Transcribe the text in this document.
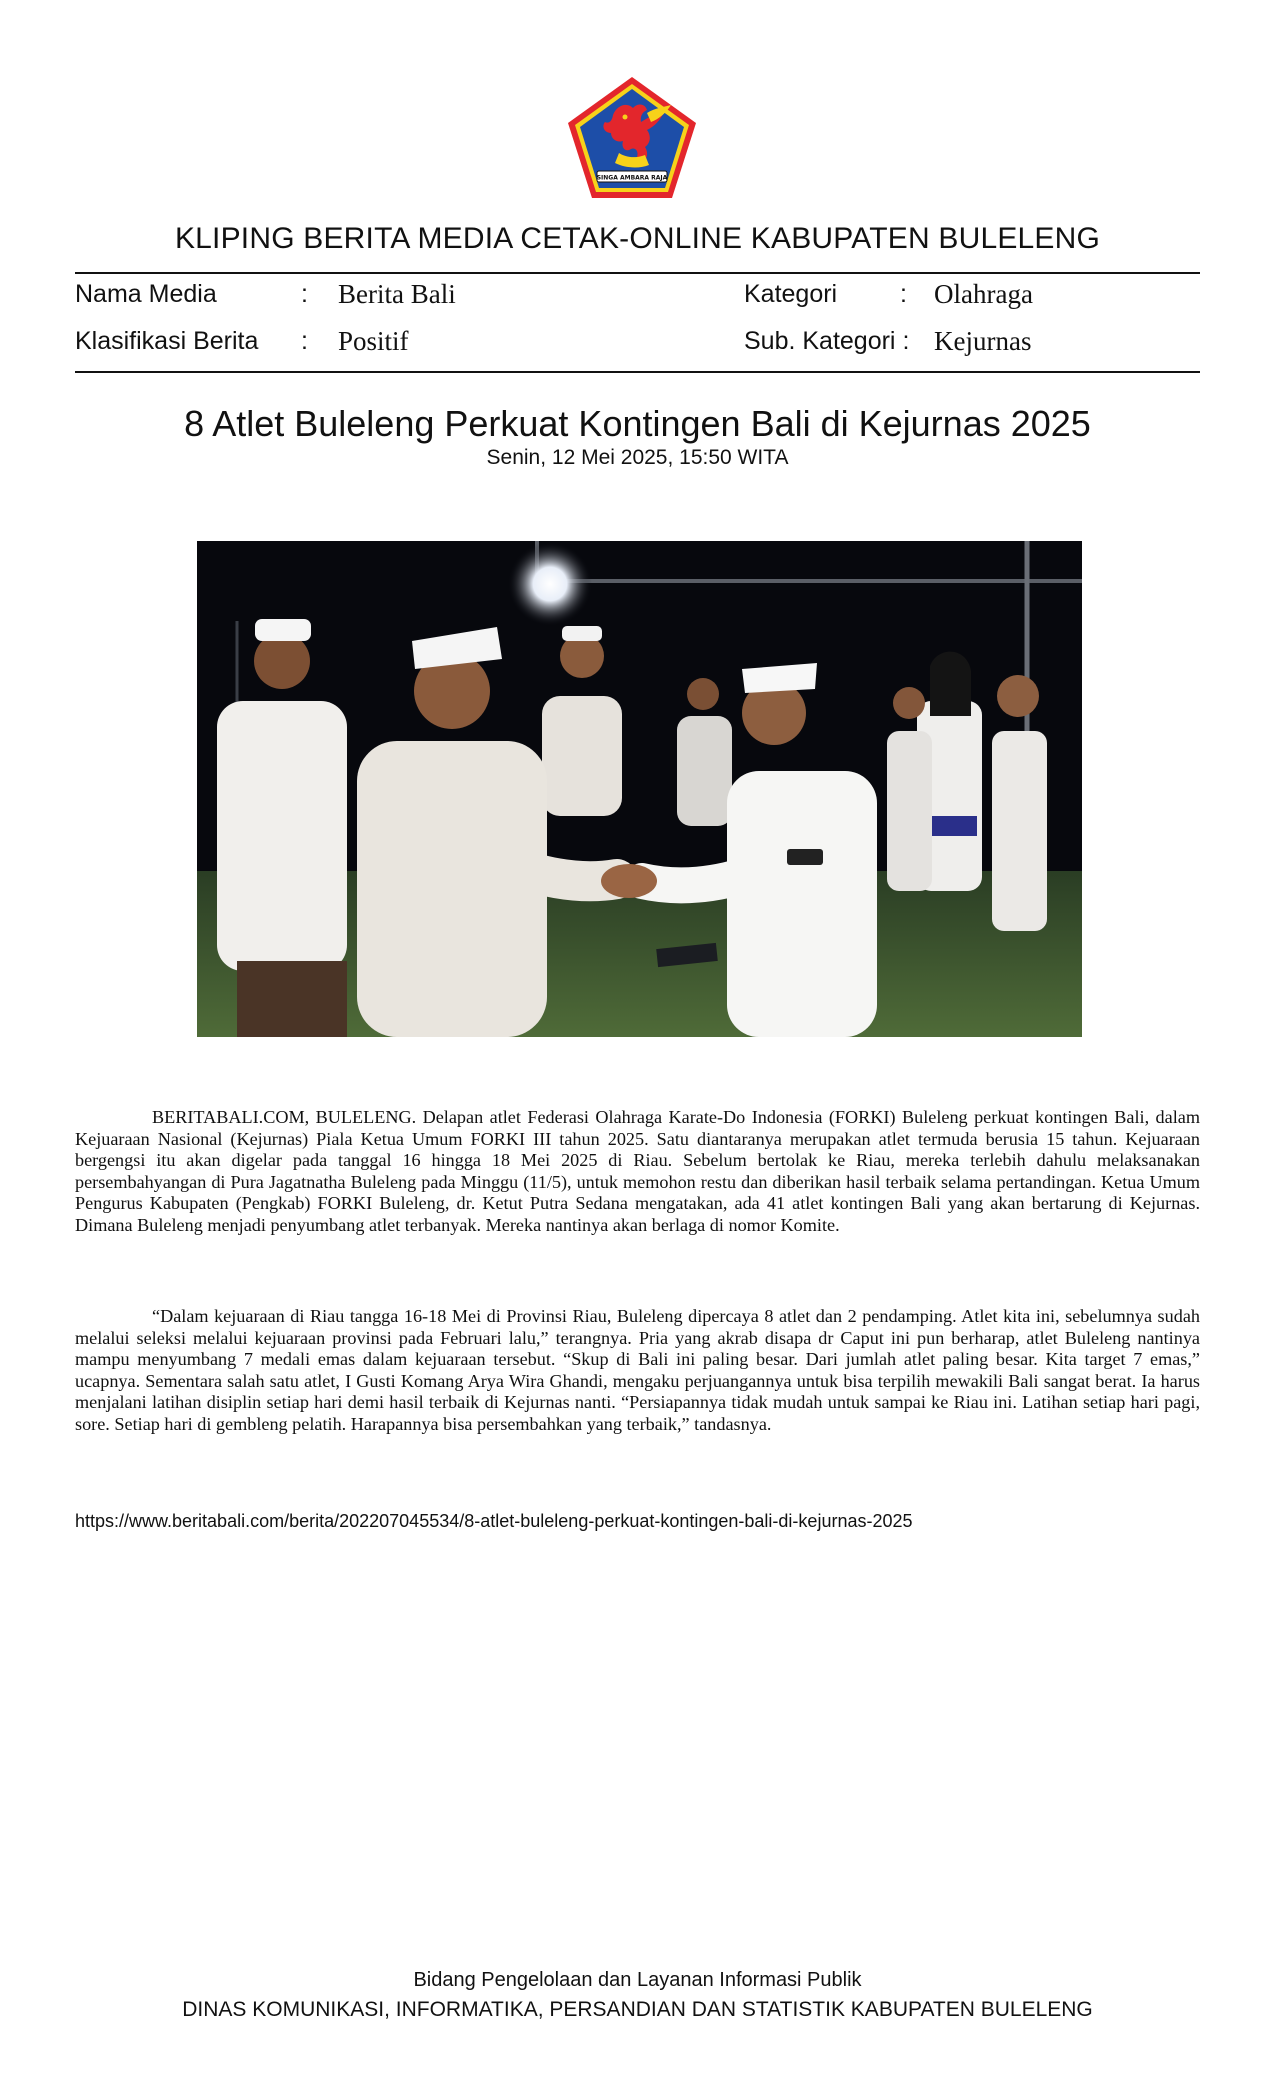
SINGA AMBARA RAJA
KLIPING BERITA MEDIA CETAK-ONLINE KABUPATEN BULELENG
Nama Media	: Berita Bali	Kategori	: Olahraga
Klasifikasi Berita : Positif	Sub. Kategori : Kejurnas
8 Atlet Buleleng Perkuat Kontingen Bali di Kejurnas 2025
Senin, 12 Mei 2025, 15:50 WITA

BERITABALI.COM, BULELENG. Delapan atlet Federasi Olahraga Karate-Do Indonesia (FORKI) Buleleng perkuat kontingen Bali, dalam Kejuaraan Nasional (Kejurnas) Piala Ketua Umum FORKI III tahun 2025. Satu diantaranya merupakan atlet termuda berusia 15 tahun. Kejuaraan bergengsi itu akan digelar pada tanggal 16 hingga 18 Mei 2025 di Riau. Sebelum bertolak ke Riau, mereka terlebih dahulu melaksanakan persembahyangan di Pura Jagatnatha Buleleng pada Minggu (11/5), untuk memohon restu dan diberikan hasil terbaik selama pertandingan. Ketua Umum Pengurus Kabupaten (Pengkab) FORKI Buleleng, dr. Ketut Putra Sedana mengatakan, ada 41 atlet kontingen Bali yang akan bertarung di Kejurnas. Dimana Buleleng menjadi penyumbang atlet terbanyak. Mereka nantinya akan berlaga di nomor Komite.

“Dalam kejuaraan di Riau tangga 16-18 Mei di Provinsi Riau, Buleleng dipercaya 8 atlet dan 2 pendamping. Atlet kita ini, sebelumnya sudah melalui seleksi melalui kejuaraan provinsi pada Februari lalu,” terangnya. Pria yang akrab disapa dr Caput ini pun berharap, atlet Buleleng nantinya mampu menyumbang 7 medali emas dalam kejuaraan tersebut. “Skup di Bali ini paling besar. Dari jumlah atlet paling besar. Kita target 7 emas,” ucapnya. Sementara salah satu atlet, I Gusti Komang Arya Wira Ghandi, mengaku perjuangannya untuk bisa terpilih mewakili Bali sangat berat. Ia harus menjalani latihan disiplin setiap hari demi hasil terbaik di Kejurnas nanti. “Persiapannya tidak mudah untuk sampai ke Riau ini. Latihan setiap hari pagi, sore. Setiap hari di gembleng pelatih. Harapannya bisa persembahkan yang terbaik,” tandasnya.

https://www.beritabali.com/berita/202207045534/8-atlet-buleleng-perkuat-kontingen-bali-di-kejurnas-2025
Bidang Pengelolaan dan Layanan Informasi Publik
DINAS KOMUNIKASI, INFORMATIKA, PERSANDIAN DAN STATISTIK KABUPATEN BULELENG
